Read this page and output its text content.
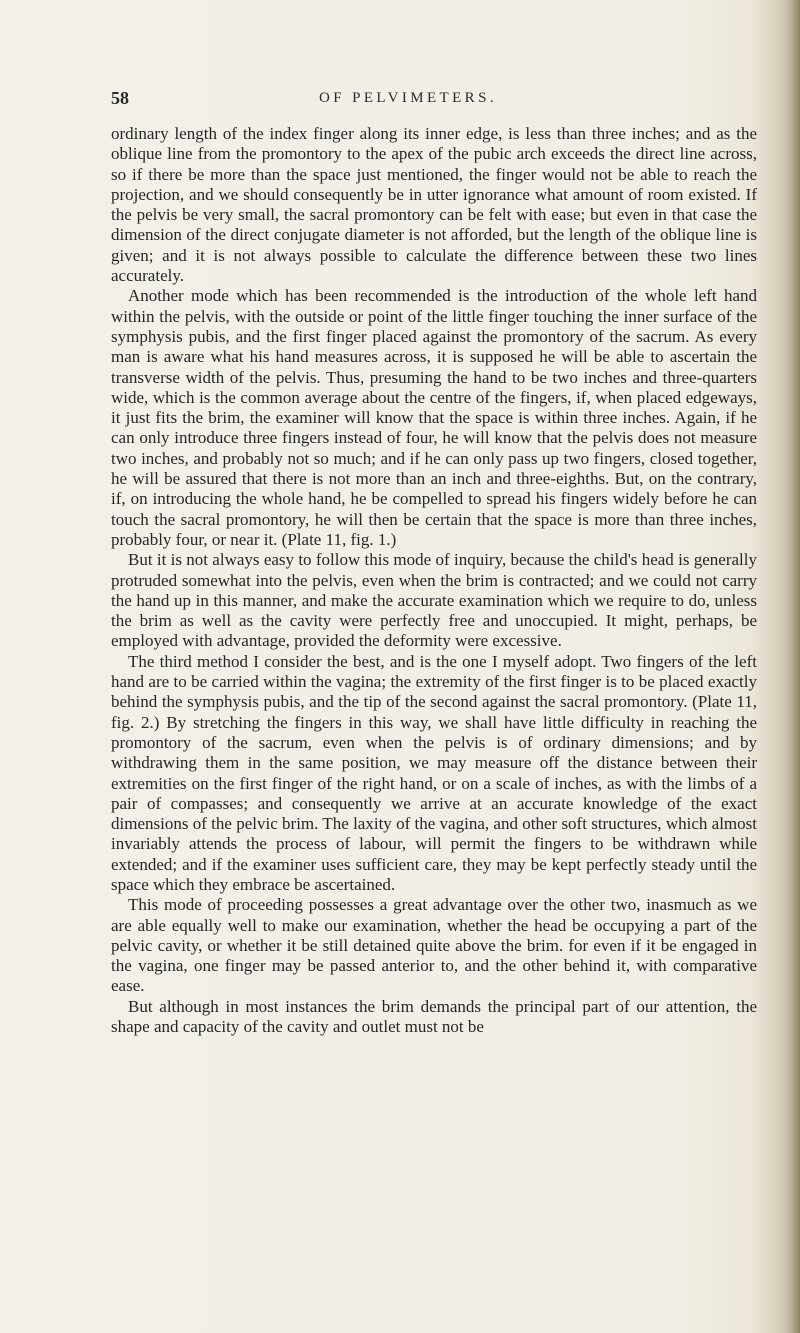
58	OF PELVIMETERS.

ordinary length of the index finger along its inner edge, is less than three inches; and as the oblique line from the promontory to the apex of the pubic arch exceeds the direct line across, so if there be more than the space just mentioned, the finger would not be able to reach the projection, and we should consequently be in utter ignorance what amount of room existed. If the pelvis be very small, the sacral promontory can be felt with ease; but even in that case the dimension of the direct conjugate diameter is not afforded, but the length of the oblique line is given; and it is not always possible to calculate the difference between these two lines accurately.

Another mode which has been recommended is the introduction of the whole left hand within the pelvis, with the outside or point of the little finger touching the inner surface of the symphysis pubis, and the first finger placed against the promontory of the sacrum. As every man is aware what his hand measures across, it is supposed he will be able to ascertain the transverse width of the pelvis. Thus, presuming the hand to be two inches and three-quarters wide, which is the common average about the centre of the fingers, if, when placed edgeways, it just fits the brim, the examiner will know that the space is within three inches. Again, if he can only introduce three fingers instead of four, he will know that the pelvis does not measure two inches, and probably not so much; and if he can only pass up two fingers, closed together, he will be assured that there is not more than an inch and three-eighths. But, on the contrary, if, on introducing the whole hand, he be compelled to spread his fingers widely before he can touch the sacral promontory, he will then be certain that the space is more than three inches, probably four, or near it. (Plate 11, fig. 1.)

But it is not always easy to follow this mode of inquiry, because the child's head is generally protruded somewhat into the pelvis, even when the brim is contracted; and we could not carry the hand up in this manner, and make the accurate examination which we require to do, unless the brim as well as the cavity were perfectly free and unoccupied. It might, perhaps, be employed with advantage, provided the deformity were excessive.

The third method I consider the best, and is the one I myself adopt. Two fingers of the left hand are to be carried within the vagina; the extremity of the first finger is to be placed exactly behind the symphysis pubis, and the tip of the second against the sacral promontory. (Plate 11, fig. 2.) By stretching the fingers in this way, we shall have little difficulty in reaching the promontory of the sacrum, even when the pelvis is of ordinary dimensions; and by withdrawing them in the same position, we may measure off the distance between their extremities on the first finger of the right hand, or on a scale of inches, as with the limbs of a pair of compasses; and consequently we arrive at an accurate knowledge of the exact dimensions of the pelvic brim. The laxity of the vagina, and other soft structures, which almost invariably attends the process of labour, will permit the fingers to be withdrawn while extended; and if the examiner uses sufficient care, they may be kept perfectly steady until the space which they embrace be ascertained.

This mode of proceeding possesses a great advantage over the other two, inasmuch as we are able equally well to make our examination, whether the head be occupying a part of the pelvic cavity, or whether it be still detained quite above the brim. for even if it be engaged in the vagina, one finger may be passed anterior to, and the other behind it, with comparative ease.

But although in most instances the brim demands the principal part of our attention, the shape and capacity of the cavity and outlet must not be
